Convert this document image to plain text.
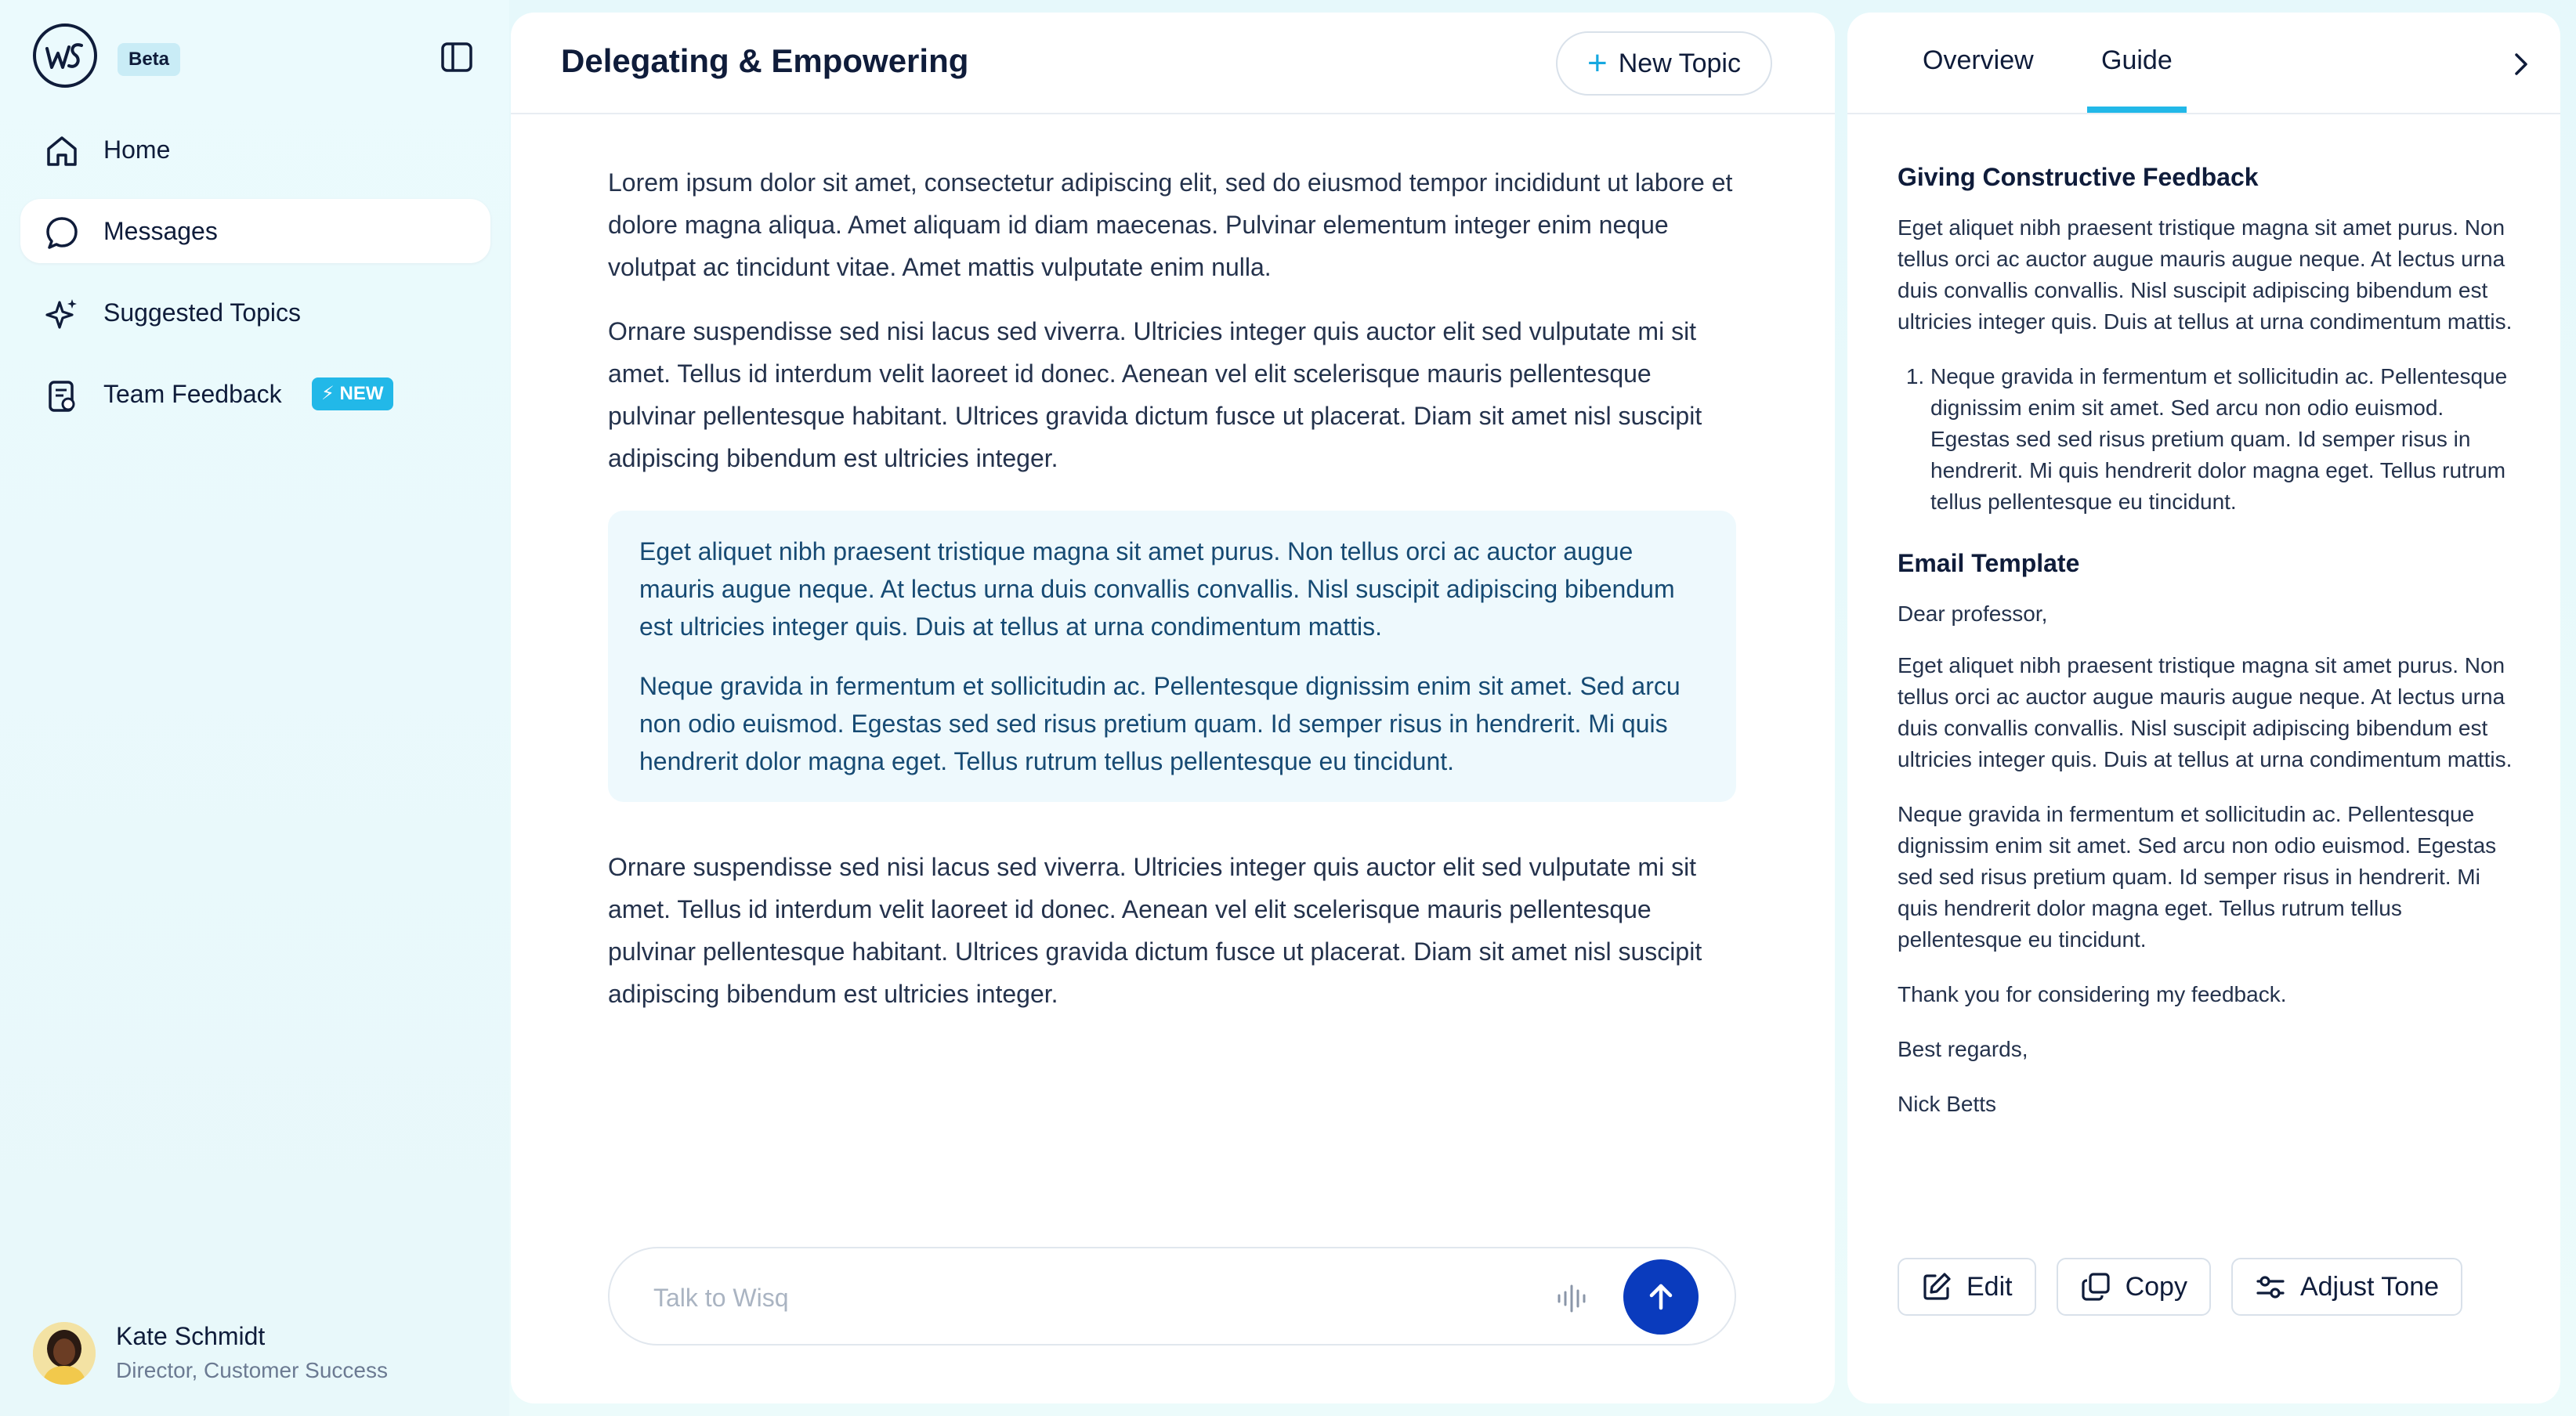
Beta
Home
Messages
Suggested Topics
Team Feedback	⚡ NEW
Kate Schmidt
Director, Customer Success
Delegating & Empowering	+ New Topic

Lorem ipsum dolor sit amet, consectetur adipiscing elit, sed do eiusmod tempor incididunt ut labore et dolore magna aliqua. Amet aliquam id diam maecenas. Pulvinar elementum integer enim neque volutpat ac tincidunt vitae. Amet mattis vulputate enim nulla.

Ornare suspendisse sed nisi lacus sed viverra. Ultricies integer quis auctor elit sed vulputate mi sit amet. Tellus id interdum velit laoreet id donec. Aenean vel elit scelerisque mauris pellentesque pulvinar pellentesque habitant. Ultrices gravida dictum fusce ut placerat. Diam sit amet nisl suscipit adipiscing bibendum est ultricies integer.

Eget aliquet nibh praesent tristique magna sit amet purus. Non tellus orci ac auctor augue mauris augue neque. At lectus urna duis convallis convallis. Nisl suscipit adipiscing bibendum est ultricies integer quis. Duis at tellus at urna condimentum mattis.

Neque gravida in fermentum et sollicitudin ac. Pellentesque dignissim enim sit amet. Sed arcu non odio euismod. Egestas sed sed risus pretium quam. Id semper risus in hendrerit. Mi quis hendrerit dolor magna eget. Tellus rutrum tellus pellentesque eu tincidunt.

Ornare suspendisse sed nisi lacus sed viverra. Ultricies integer quis auctor elit sed vulputate mi sit amet. Tellus id interdum velit laoreet id donec. Aenean vel elit scelerisque mauris pellentesque pulvinar pellentesque habitant. Ultrices gravida dictum fusce ut placerat. Diam sit amet nisl suscipit adipiscing bibendum est ultricies integer.

Talk to Wisq
Overview	Guide
Giving Constructive Feedback

Eget aliquet nibh praesent tristique magna sit amet purus. Non tellus orci ac auctor augue mauris augue neque. At lectus urna duis convallis convallis. Nisl suscipit adipiscing bibendum est ultricies integer quis. Duis at tellus at urna condimentum mattis.

1. Neque gravida in fermentum et sollicitudin ac. Pellentesque dignissim enim sit amet. Sed arcu non odio euismod. Egestas sed sed risus pretium quam. Id semper risus in hendrerit. Mi quis hendrerit dolor magna eget. Tellus rutrum tellus pellentesque eu tincidunt.
Email Template

Dear professor,

Eget aliquet nibh praesent tristique magna sit amet purus. Non tellus orci ac auctor augue mauris augue neque. At lectus urna duis convallis convallis. Nisl suscipit adipiscing bibendum est ultricies integer quis. Duis at tellus at urna condimentum mattis.

Neque gravida in fermentum et sollicitudin ac. Pellentesque dignissim enim sit amet. Sed arcu non odio euismod. Egestas sed sed risus pretium quam. Id semper risus in hendrerit. Mi quis hendrerit dolor magna eget. Tellus rutrum tellus pellentesque eu tincidunt.

Thank you for considering my feedback.

Best regards,

Nick Betts

Edit	Copy	Adjust Tone
